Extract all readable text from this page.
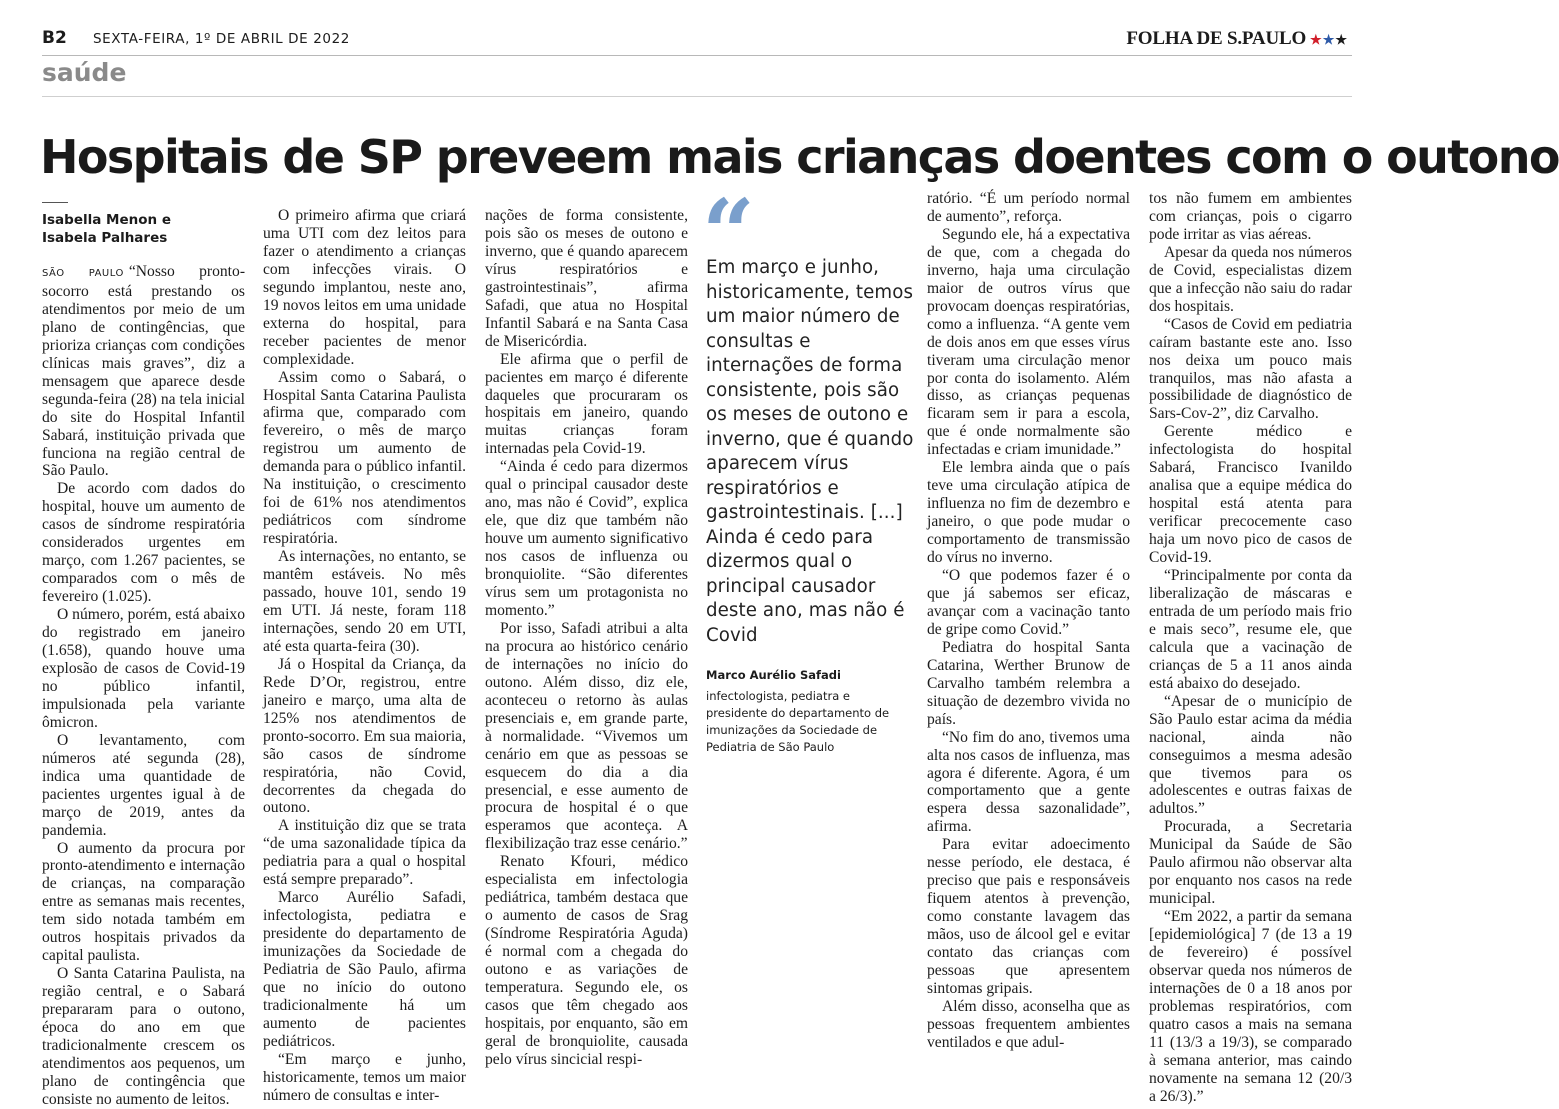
B2 SEXTA-FEIRA, 1º DE ABRIL DE 2022	FOLHA DE S.PAULO ★★★
saúde
Hospitais de SP preveem mais crianças doentes com o outono
Isabella Menon e
Isabela Palhares

SÃO PAULO “Nosso pronto-socorro está prestando os atendimentos por meio de um plano de contingências, que prioriza crianças com condições clínicas mais graves”, diz a mensagem que aparece desde segunda-feira (28) na tela inicial do site do Hospital Infantil Sabará, instituição privada que funciona na região central de São Paulo.

De acordo com dados do hospital, houve um aumento de casos de síndrome respiratória considerados urgentes em março, com 1.267 pacientes, se comparados com o mês de fevereiro (1.025).

O número, porém, está abaixo do registrado em janeiro (1.658), quando houve uma explosão de casos de Covid-19 no público infantil, impulsionada pela variante ômicron.

O levantamento, com números até segunda (28), indica uma quantidade de pacientes urgentes igual à de março de 2019, antes da pandemia.

O aumento da procura por pronto-atendimento e internação de crianças, na comparação entre as semanas mais recentes, tem sido notada também em outros hospitais privados da capital paulista.

O Santa Catarina Paulista, na região central, e o Sabará prepararam para o outono, época do ano em que tradicionalmente crescem os atendimentos aos pequenos, um plano de contingência que consiste no aumento de leitos.

O primeiro afirma que criará uma UTI com dez leitos para fazer o atendimento a crianças com infecções virais. O segundo implantou, neste ano, 19 novos leitos em uma unidade externa do hospital, para receber pacientes de menor complexidade.

Assim como o Sabará, o Hospital Santa Catarina Paulista afirma que, comparado com fevereiro, o mês de março registrou um aumento de demanda para o público infantil. Na instituição, o crescimento foi de 61% nos atendimentos pediátricos com síndrome respiratória.

As internações, no entanto, se mantêm estáveis. No mês passado, houve 101, sendo 19 em UTI. Já neste, foram 118 internações, sendo 20 em UTI, até esta quarta-feira (30).

Já o Hospital da Criança, da Rede D’Or, registrou, entre janeiro e março, uma alta de 125% nos atendimentos de pronto-socorro. Em sua maioria, são casos de síndrome respiratória, não Covid, decorrentes da chegada do outono.

A instituição diz que se trata “de uma sazonalidade típica da pediatria para a qual o hospital está sempre preparado”.

Marco Aurélio Safadi, infectologista, pediatra e presidente do departamento de imunizações da Sociedade de Pediatria de São Paulo, afirma que no início do outono tradicionalmente há um aumento de pacientes pediátricos.

“Em março e junho, historicamente, temos um maior número de consultas e inter-

nações de forma consistente, pois são os meses de outono e inverno, que é quando aparecem vírus respiratórios e gastrointestinais”, afirma Safadi, que atua no Hospital Infantil Sabará e na Santa Casa de Misericórdia.

Ele afirma que o perfil de pacientes em março é diferente daqueles que procuraram os hospitais em janeiro, quando muitas crianças foram internadas pela Covid-19.

“Ainda é cedo para dizermos qual o principal causador deste ano, mas não é Covid”, explica ele, que diz que também não houve um aumento significativo nos casos de influenza ou bronquiolite. “São diferentes vírus sem um protagonista no momento.”

Por isso, Safadi atribui a alta na procura ao histórico cenário de internações no início do outono. Além disso, diz ele, aconteceu o retorno às aulas presenciais e, em grande parte, à normalidade. “Vivemos um cenário em que as pessoas se esquecem do dia a dia presencial, e esse aumento de procura de hospital é o que esperamos que aconteça. A flexibilização traz esse cenário.”

Renato Kfouri, médico especialista em infectologia pediátrica, também destaca que o aumento de casos de Srag (Síndrome Respiratória Aguda) é normal com a chegada do outono e as variações de temperatura. Segundo ele, os casos que têm chegado aos hospitais, por enquanto, são em geral de bronquiolite, causada pelo vírus sincicial respi-

“
Em março e junho, historicamente, temos um maior número de consultas e internações de forma consistente, pois são os meses de outono e inverno, que é quando aparecem vírus respiratórios e gastrointestinais. [...] Ainda é cedo para dizermos qual o principal causador deste ano, mas não é Covid
Marco Aurélio Safadi
infectologista, pediatra e presidente do departamento de imunizações da Sociedade de Pediatria de São Paulo

ratório. “É um período normal de aumento”, reforça.

Segundo ele, há a expectativa de que, com a chegada do inverno, haja uma circulação maior de outros vírus que provocam doenças respiratórias, como a influenza. “A gente vem de dois anos em que esses vírus tiveram uma circulação menor por conta do isolamento. Além disso, as crianças pequenas ficaram sem ir para a escola, que é onde normalmente são infectadas e criam imunidade.”

Ele lembra ainda que o país teve uma circulação atípica de influenza no fim de dezembro e janeiro, o que pode mudar o comportamento de transmissão do vírus no inverno.

“O que podemos fazer é o que já sabemos ser eficaz, avançar com a vacinação tanto de gripe como Covid.”

Pediatra do hospital Santa Catarina, Werther Brunow de Carvalho também relembra a situação de dezembro vivida no país.

“No fim do ano, tivemos uma alta nos casos de influenza, mas agora é diferente. Agora, é um comportamento que a gente espera dessa sazonalidade”, afirma.

Para evitar adoecimento nesse período, ele destaca, é preciso que pais e responsáveis fiquem atentos à prevenção, como constante lavagem das mãos, uso de álcool gel e evitar contato das crianças com pessoas que apresentem sintomas gripais.

Além disso, aconselha que as pessoas frequentem ambientes ventilados e que adul-

tos não fumem em ambientes com crianças, pois o cigarro pode irritar as vias aéreas.

Apesar da queda nos números de Covid, especialistas dizem que a infecção não saiu do radar dos hospitais.

“Casos de Covid em pediatria caíram bastante este ano. Isso nos deixa um pouco mais tranquilos, mas não afasta a possibilidade de diagnóstico de Sars-Cov-2”, diz Carvalho.

Gerente médico e infectologista do hospital Sabará, Francisco Ivanildo analisa que a equipe médica do hospital está atenta para verificar precocemente caso haja um novo pico de casos de Covid-19.

“Principalmente por conta da liberalização de máscaras e entrada de um período mais frio e mais seco”, resume ele, que calcula que a vacinação de crianças de 5 a 11 anos ainda está abaixo do desejado.

“Apesar de o município de São Paulo estar acima da média nacional, ainda não conseguimos a mesma adesão que tivemos para os adolescentes e outras faixas de adultos.”

Procurada, a Secretaria Municipal da Saúde de São Paulo afirmou não observar alta por enquanto nos casos na rede municipal.

“Em 2022, a partir da semana [epidemiológica] 7 (de 13 a 19 de fevereiro) é possível observar queda nos números de internações de 0 a 18 anos por problemas respiratórios, com quatro casos a mais na semana 11 (13/3 a 19/3), se comparado à semana anterior, mas caindo novamente na semana 12 (20/3 a 26/3).”
